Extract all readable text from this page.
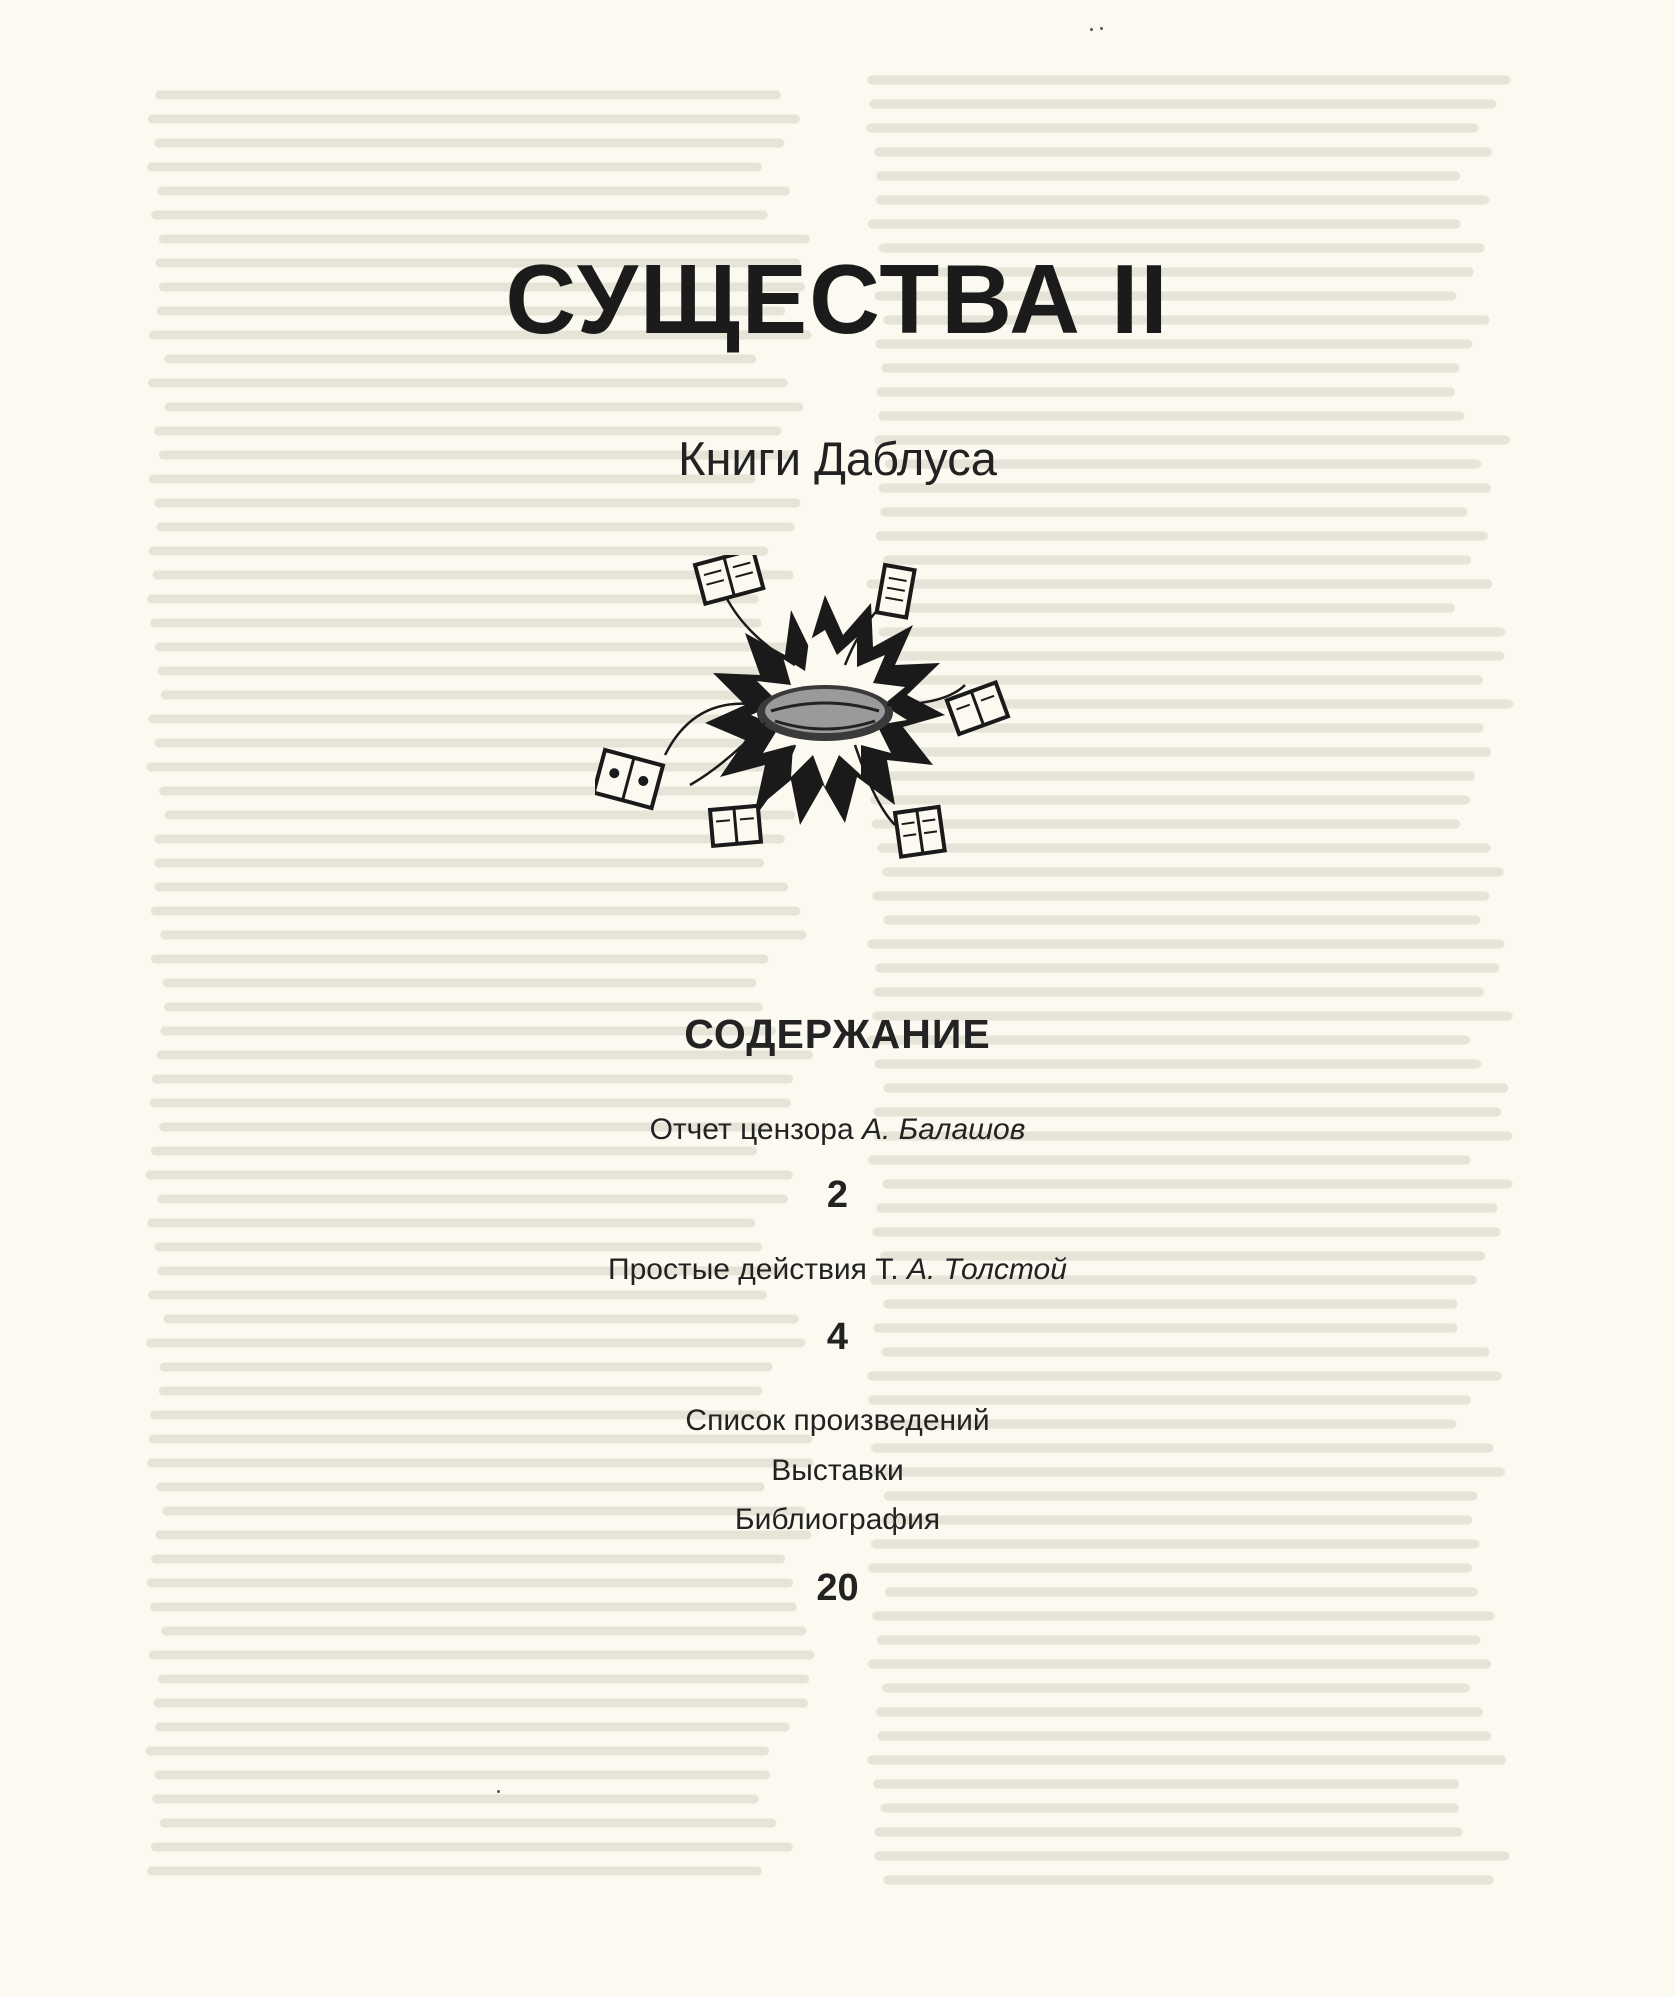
СУЩЕСТВА II
Книги Даблуса
СОДЕРЖАНИЕ
Отчет цензора А. Балашов
2
Простые действия Т. А. Толстой
4
Список произведений
Выставки
Библиография
20
